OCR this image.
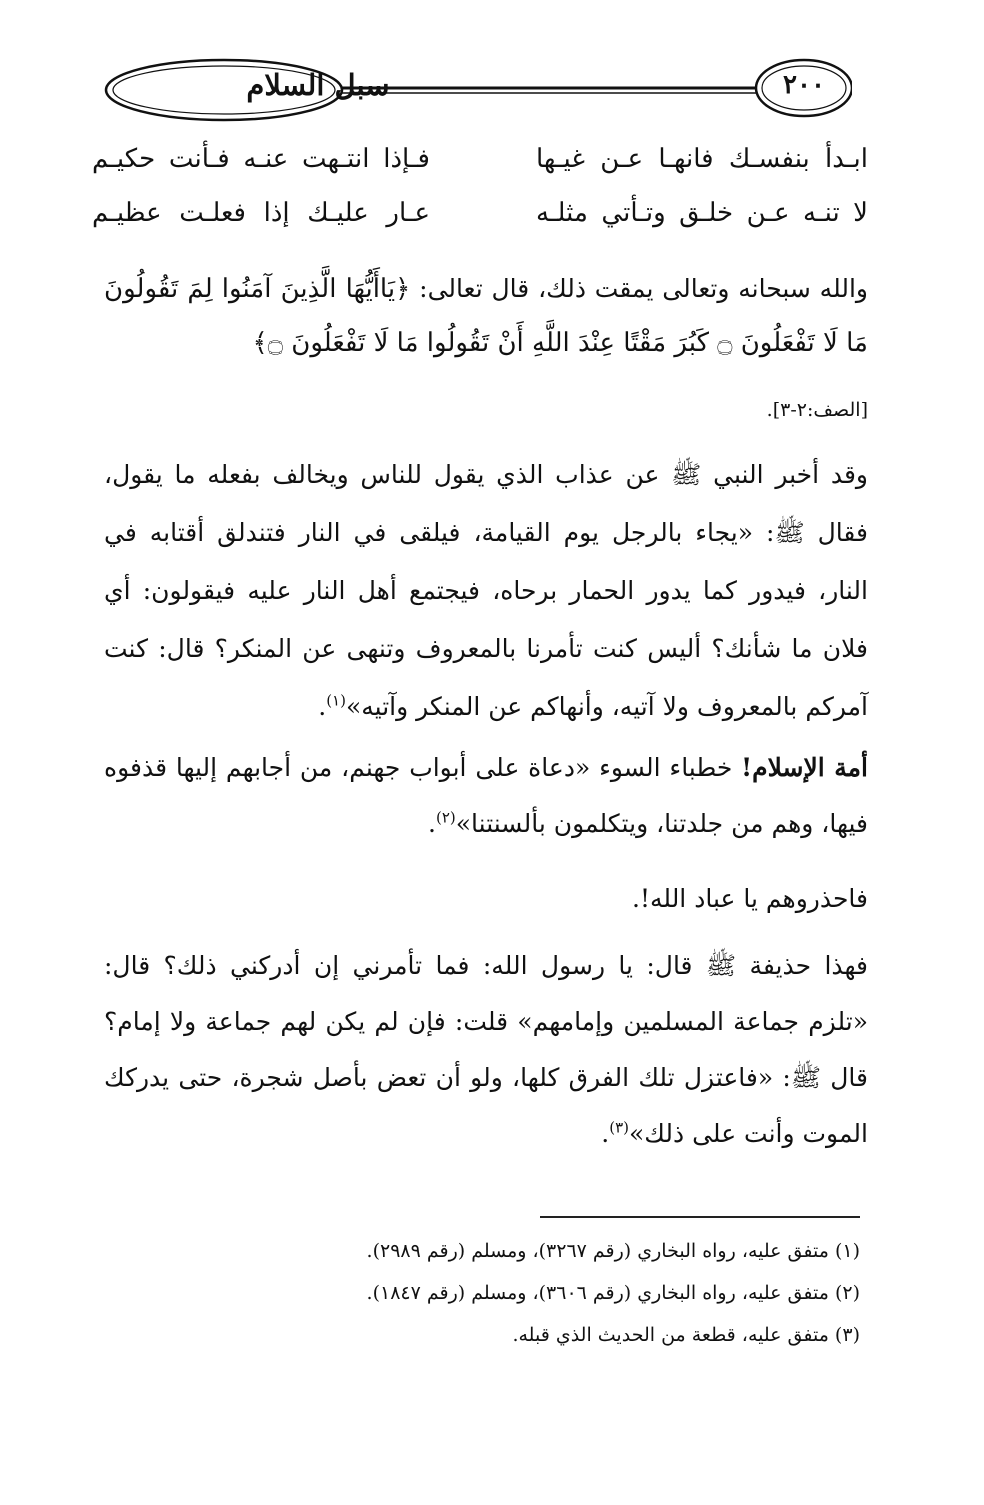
سبل السلام	٢٠٠
ابـدأ بنفسـك فانهـا عـن غيـها
فـإذا انتـهت عنـه فـأنت حكيـم
لا تنـه عـن خلـق وتـأتي مثلـه
عـار عليـك إذا فعلـت عظيـم
والله سبحانه وتعالى يمقت ذلك، قال تعالى: ﴿يَاأَيُّهَا الَّذِينَ آمَنُوا لِمَ تَقُولُونَ مَا لَا تَفْعَلُونَ ۝ كَبُرَ مَقْتًا عِنْدَ اللَّهِ أَنْ تَقُولُوا مَا لَا تَفْعَلُونَ ۝﴾
[الصف:٢-٣].
وقد أخبر النبي ﷺ عن عذاب الذي يقول للناس ويخالف بفعله ما يقول، فقال ﷺ: «يجاء بالرجل يوم القيامة، فيلقى في النار فتندلق أقتابه في النار، فيدور كما يدور الحمار برحاه، فيجتمع أهل النار عليه فيقولون: أي فلان ما شأنك؟ أليس كنت تأمرنا بالمعروف وتنهى عن المنكر؟ قال: كنت آمركم بالمعروف ولا آتيه، وأنهاكم عن المنكر وآتيه»$^{(١)}$.
أمة الإسلام! خطباء السوء «دعاة على أبواب جهنم، من أجابهم إليها قذفوه فيها، وهم من جلدتنا، ويتكلمون بألسنتنا»$^{(٢)}$.
فاحذروهم يا عباد الله!.
فهذا حذيفة ﷺ قال: يا رسول الله: فما تأمرني إن أدركني ذلك؟ قال: «تلزم جماعة المسلمين وإمامهم» قلت: فإن لم يكن لهم جماعة ولا إمام؟ قال ﷺ: «فاعتزل تلك الفرق كلها، ولو أن تعض بأصل شجرة، حتى يدركك الموت وأنت على ذلك»$^{(٣)}$.
(١) متفق عليه، رواه البخاري (رقم ٣٢٦٧)، ومسلم (رقم ٢٩٨٩).
(٢) متفق عليه، رواه البخاري (رقم ٣٦٠٦)، ومسلم (رقم ١٨٤٧).
(٣) متفق عليه، قطعة من الحديث الذي قبله.
